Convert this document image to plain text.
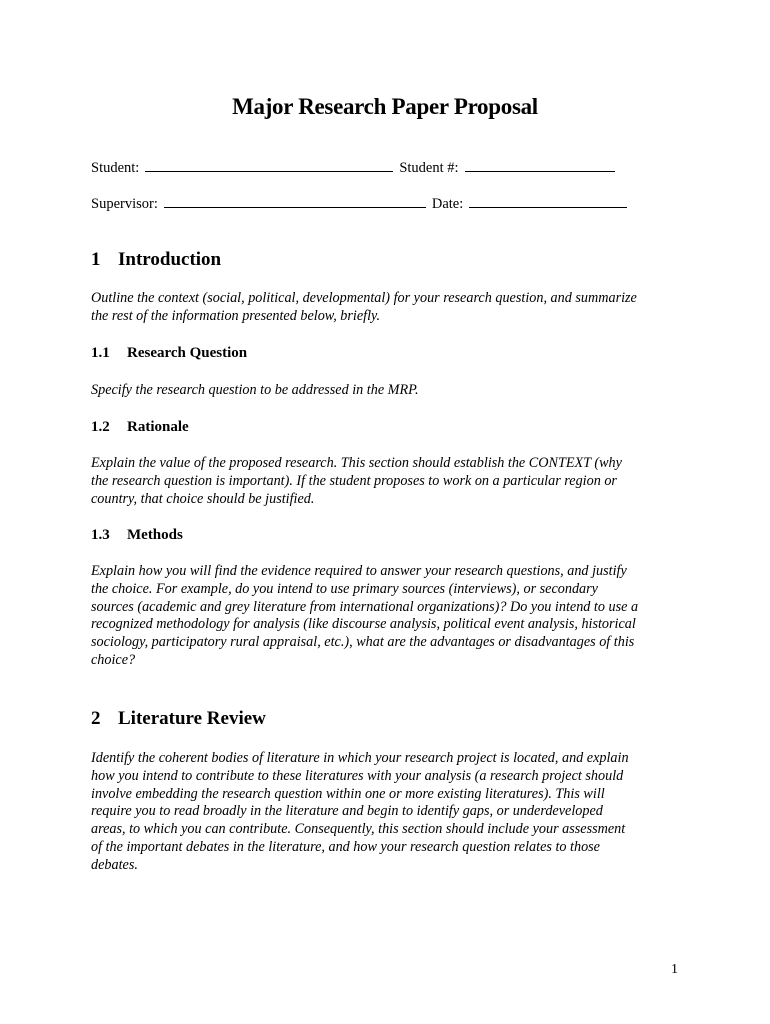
Major Research Paper Proposal
Student:	Student #:
Supervisor:	Date:
1 Introduction
Outline the context (social, political, developmental) for your research question, and summarize
the rest of the information presented below, briefly.
1.1 Research Question
Specify the research question to be addressed in the MRP.
1.2 Rationale
Explain the value of the proposed research. This section should establish the CONTEXT (why
the research question is important). If the student proposes to work on a particular region or
country, that choice should be justified.
1.3 Methods
Explain how you will find the evidence required to answer your research questions, and justify
the choice. For example, do you intend to use primary sources (interviews), or secondary
sources (academic and grey literature from international organizations)? Do you intend to use a
recognized methodology for analysis (like discourse analysis, political event analysis, historical
sociology, participatory rural appraisal, etc.), what are the advantages or disadvantages of this
choice?
2 Literature Review
Identify the coherent bodies of literature in which your research project is located, and explain
how you intend to contribute to these literatures with your analysis (a research project should
involve embedding the research question within one or more existing literatures). This will
require you to read broadly in the literature and begin to identify gaps, or underdeveloped
areas, to which you can contribute. Consequently, this section should include your assessment
of the important debates in the literature, and how your research question relates to those
debates.
1
